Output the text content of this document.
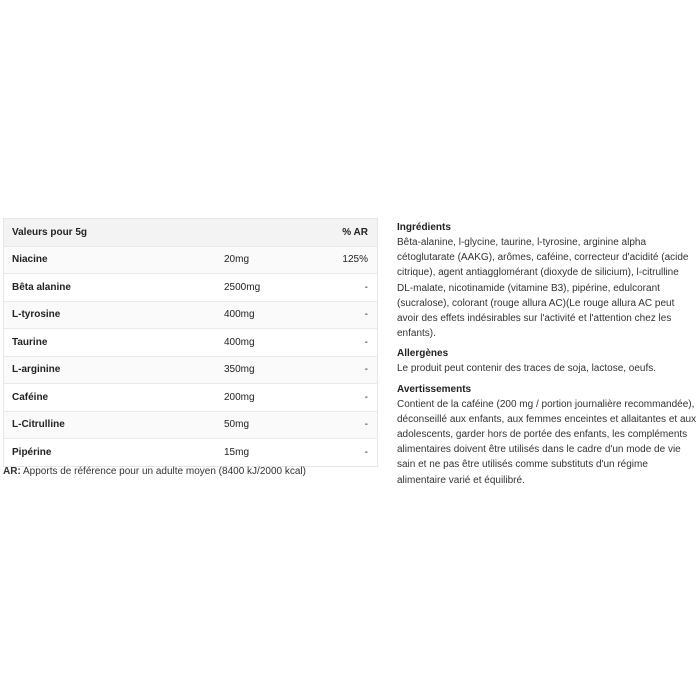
Valeurs pour 5g	% AR
Niacine	20mg	125%
Bêta alanine	2500mg	-
L-tyrosine	400mg	-
Taurine	400mg	-
L-arginine	350mg	-
Caféine	200mg	-
L-Citrulline	50mg	-
Pipérine	15mg	-
AR: Apports de référence pour un adulte moyen (8400 kJ/2000 kcal)
Ingrédients

Bêta-alanine, l-glycine, taurine, l-tyrosine, arginine alpha cétoglutarate (AAKG), arômes, caféine, correcteur d'acidité (acide citrique), agent antiagglomérant (dioxyde de silicium), l-citrulline DL-malate, nicotinamide (vitamine B3), pipérine, edulcorant (sucralose), colorant (rouge allura AC)(Le rouge allura AC peut avoir des effets indésirables sur l'activité et l'attention chez les enfants).

Allergènes

Le produit peut contenir des traces de soja, lactose, oeufs.

Avertissements

Contient de la caféine (200 mg / portion journalière recommandée), déconseillé aux enfants, aux femmes enceintes et allaitantes et aux adolescents, garder hors de portée des enfants, les compléments alimentaires doivent être utilisés dans le cadre d'un mode de vie sain et ne pas être utilisés comme substituts d'un régime alimentaire varié et équilibré.
